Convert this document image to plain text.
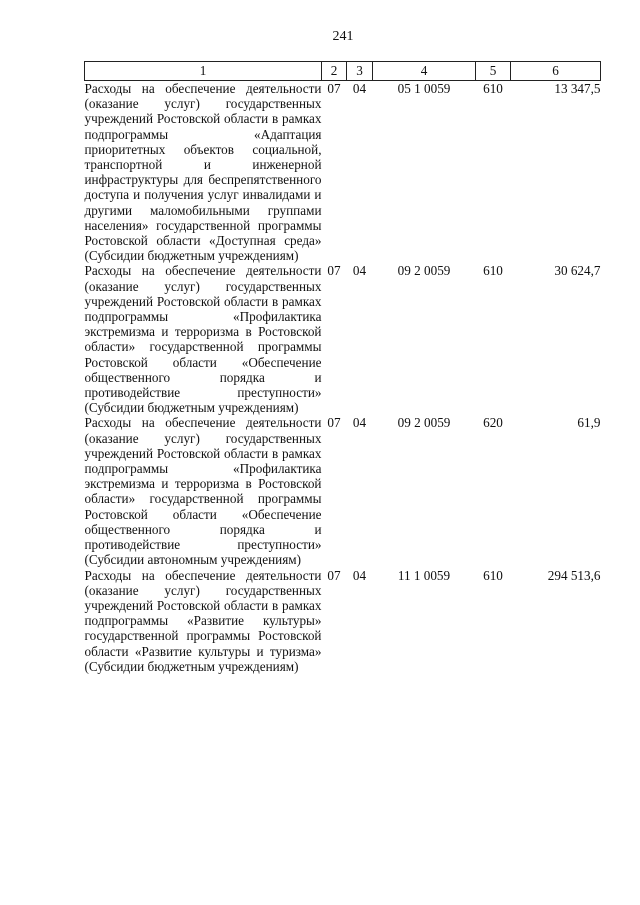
241
1	2	3	4	5	6
Расходы на обеспечение деятельности (оказание услуг) государственных учреждений Ростовской области в рамках подпрограммы «Адаптация приоритетных объектов социальной, транспортной и инженерной инфраструктуры для беспрепятственного доступа и получения услуг инвалидами и другими маломобильными группами населения» государственной программы Ростовской области «Доступная среда» (Субсидии бюджетным учреждениям)	07	04	05 1 0059	610	13 347,5
Расходы на обеспечение деятельности (оказание услуг) государственных учреждений Ростовской области в рамках подпрограммы «Профилактика экстремизма и терроризма в Ростовской области» государственной программы Ростовской области «Обеспечение общественного порядка и противодействие преступности» (Субсидии бюджетным учреждениям)	07	04	09 2 0059	610	30 624,7
Расходы на обеспечение деятельности (оказание услуг) государственных учреждений Ростовской области в рамках подпрограммы «Профилактика экстремизма и терроризма в Ростовской области» государственной программы Ростовской области «Обеспечение общественного порядка и противодействие преступности» (Субсидии автономным учреждениям)	07	04	09 2 0059	620	61,9
Расходы на обеспечение деятельности (оказание услуг) государственных учреждений Ростовской области в рамках подпрограммы «Развитие культуры» государственной программы Ростовской области «Развитие культуры и туризма» (Субсидии бюджетным учреждениям)	07	04	11 1 0059	610	294 513,6
